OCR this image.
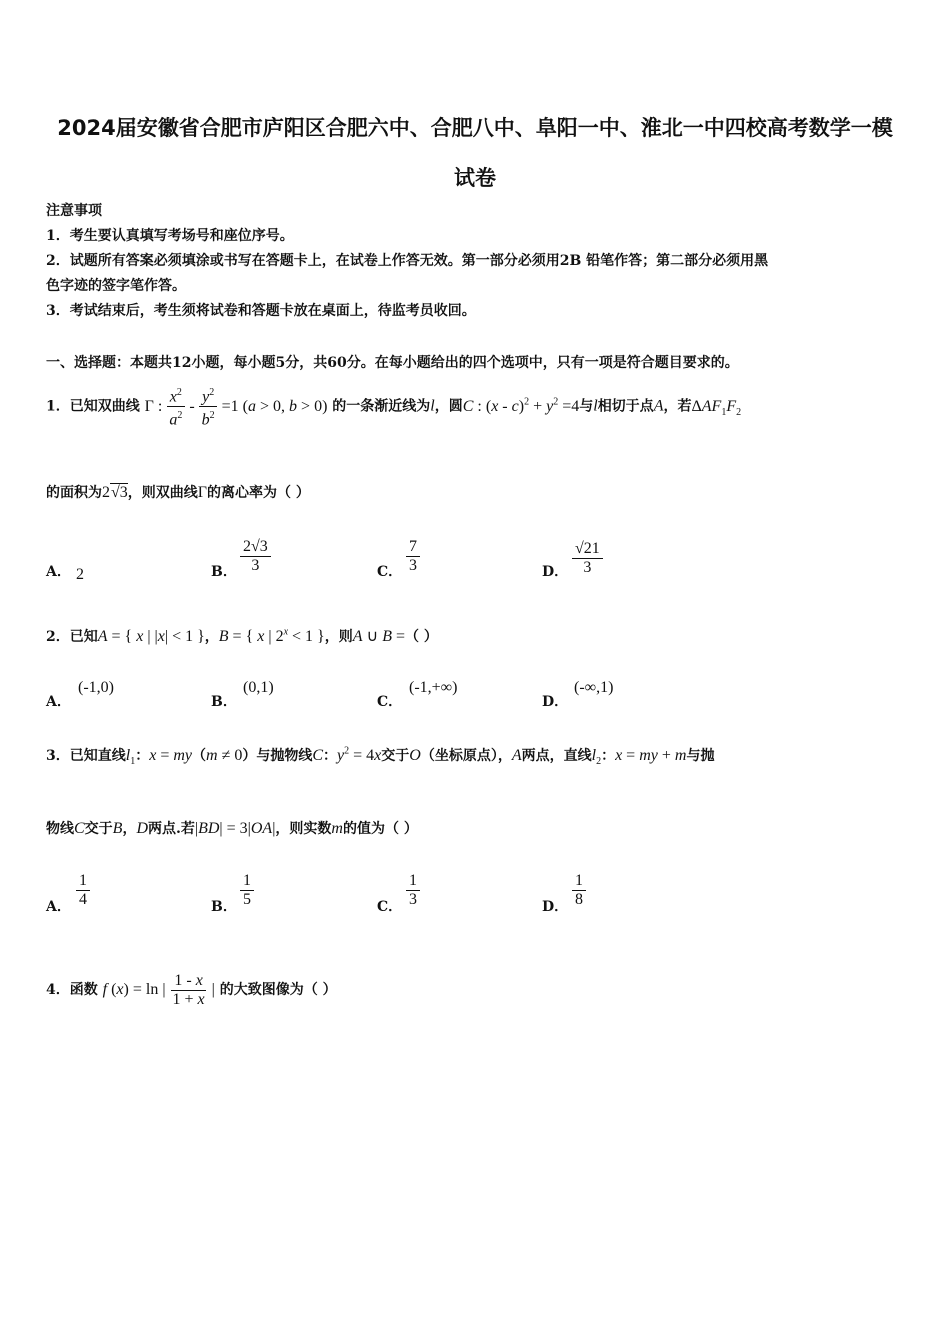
2024届安徽省合肥市庐阳区合肥六中、合肥八中、阜阳一中、淮北一中四校高考数学一模
试卷
注意事项
1．考生要认真填写考场号和座位序号。
2．试题所有答案必须填涂或书写在答题卡上，在试卷上作答无效。第一部分必须用2B 铅笔作答；第二部分必须用黑
色字迹的签字笔作答。
3．考试结束后，考生须将试卷和答题卡放在桌面上，待监考员收回。
一、选择题：本题共12小题，每小题5分，共60分。在每小题给出的四个选项中，只有一项是符合题目要求的。
1．已知双曲线 Γ : $\frac{x^2}{a^2} - \frac{y^2}{b^2} =1$ (a > 0, b > 0) 的一条渐近线为l，圆C : $(x - c)^2 + y^2 =4$与l相切于点A，若$\Delta AF_1F_2$
的面积为2√3，则双曲线Γ的离心率为（ ）
A． 2	B． $\frac{2√3}{3}$	C． $\frac{7}{3}$	D． $\frac{√21}{3}$
2．已知A = { x | |x| < 1 }，B = { x | $2^x < 1$ }，则A ∪ B =（ ）
A．
(-1,0)
B．
(0,1)
C．
(-1,+∞)
D．
(-∞,1)
3．已知直线$l_1$：x = my（m ≠ 0）与抛物线C：$y^2 = 4x$交于O（坐标原点），A两点，直线$l_2$：x = my + m与抛
物线C交于B，D两点.若|BD| = 3|OA|，则实数m的值为（ ）
A． $\frac{1}{4}$	B． $\frac{1}{5}$	C． $\frac{1}{3}$	D． $\frac{1}{8}$
4．函数 f (x) = ln | $\frac{1 - x}{1 + x}$ | 的大致图像为（ ）
